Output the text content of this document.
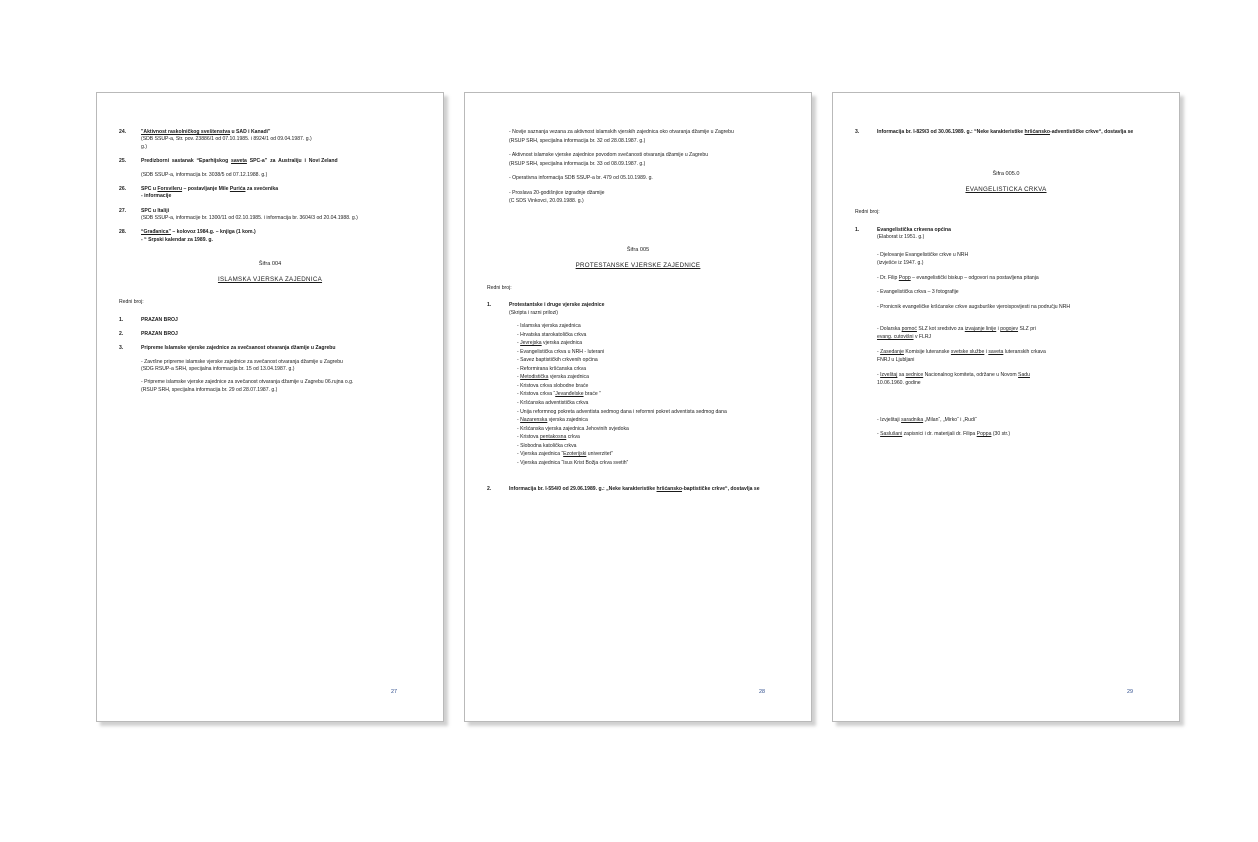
24.	"Aktivnost raskolničkog sveštenstva u SAD i Kanadi"

(SDB SSUP-a, Str. pov. 23886/1 od 07.10.1985. i 8924/1 od 09.04.1987. g.)

g.)

25.	Predizborni  sastanak  “Eparhijskog  saveta  SPC-a”  za  Australiju  i  Novi Zeland

(SDB SSUP-a, informacija br. 3038/5 od 07.12.1988. g.)

26.	SPC u Forsvileru – postavljanje Mile Purića za svećenika

- informacije

27.	SPC u Italiji

(SDB SSUP-a, informacije br. 1300/11 od 02.10.1985. i informacija br. 3604/3 od 20.04.1988. g.)

28.	“Građanica” – kolovoz 1984.g. – knjiga (1 kom.)

- “ Srpski kalendar za 1989. g.

Šifra 004
ISLAMSKA VJERSKA ZAJEDNICA
Redni broj:
1.	PRAZAN BROJ

2.	PRAZAN BROJ

3.	Pripreme Islamske vjerske zajednice za svečsanost otvaranja džamije u Zagrebu

- Završne pripreme islamske vjerske zajednice za svečanost otvaranja džamije u Zagrebu

(SDG RSUP-a SRH, specijalna informacija br. 15 od 13.04.1987. g.)

- Pripreme islamske vjerske zajednice za svečanost otvaranja džamije u Zagrebu 06.rujna o.g.

(RSUP SRH, specijalna informacija br. 29 od 28.07.1987. g.)

27

- Novije saznanja vezana za aktivnost islamskih vjerskih zajednica oko otvaranja džamije u Zagrebu

(RSUP SRH, specijalna informacija br. 32 od 28.08.1987. g.)

- Aktivnost islamske vjerske zajednice povodom svečanosti otvaranja džamije u Zagrebu

(RSUP SRH, specijalna informacija br. 33 od 08.09.1987. g.)

- Operativna informacija SDB SSUP-a br. 479 od 05.10.1989. g.

- Proslava 20-godišnjice izgradnje džamije

(C SDS Vinkovci, 20.09.1988. g.)

Šifra 005
PROTESTANSKE VJERSKE ZAJEDNICE
Redni broj:
1.	Protestantske i druge vjerske zajednice

(Skripta i razni prilozi)

- Islamska vjerska zajednica

- Hrvatska starokatolička crkva

- Jevrejska vjerska zajednica

- Evangelistička crkva u NRH - luterani

- Savez baptističkih crkvenih općina

- Reformirana kršćanska crkva

- Metodistička vjerska zajednica

- Kristova crkva slobodne braće

- Kristova crkva “Jevanđelske braće ”

- Kršćanska adventistička crkva

- Unija reformnog pokreta adventista sedmog dana i reformni pokret adventista sedmog dana

- Nazarenska vjerska zajednica

- Kršćanska vjerska zajednica Jehovinih svjedoka

- Kristova pentakosna crkva

- Slobodna katolička crkva

- Vjerska zajednica “Ezoterijski univerzitet”

- Vjerska zajednica “Isus Krist Božja crkva svetih”

2.	Informacija br. I-554/0 od 29.06.1989. g.: „Neke karakteristike hršćansko-baptističke crkve“, dostavlja se

28
3.	Informacija br. I-829/3 od 30.06.1989. g.: “Neke karakteristike hršćansko-adventističke crkve“, dostavlja se

Šifra 005.0
EVANGELISTICKA CRKVA
Redni broj:
1.	Evangelistička crkvena općina

(Elaborat iz 1951. g.)

- Djelovanje Evangelističke crkve u NRH

(izvješće iz 1947. g.)

- Dr. Filip Popp – evangelistički biskup – odgovori na postavljena pitanja

- Evangelistička crkva – 3 fotografije

- Pronicnik evangeličke kršćanske crkve augsburške vjeroispovijesti na području NRH

- Dolarska pomoć SLZ kot sredstvo za izvajanje linije i pogojev SLZ pri

evang. cutovišni v FLRJ

- Zasedanje Komisije luteranske svetske službe i saveta luteranskih crkava

FNRJ u Ljubljani

- Izveštaj sa sednice Nacionalnog komiteta, održane u Novom Sadu

10.06.1960. godine

- Izvještaji saradnika „Milan“, „Mirko“ i „Rudi“

- Saslušani zapisnici i dr. materijali dr. Filipa Poppa (30 str.)

29
